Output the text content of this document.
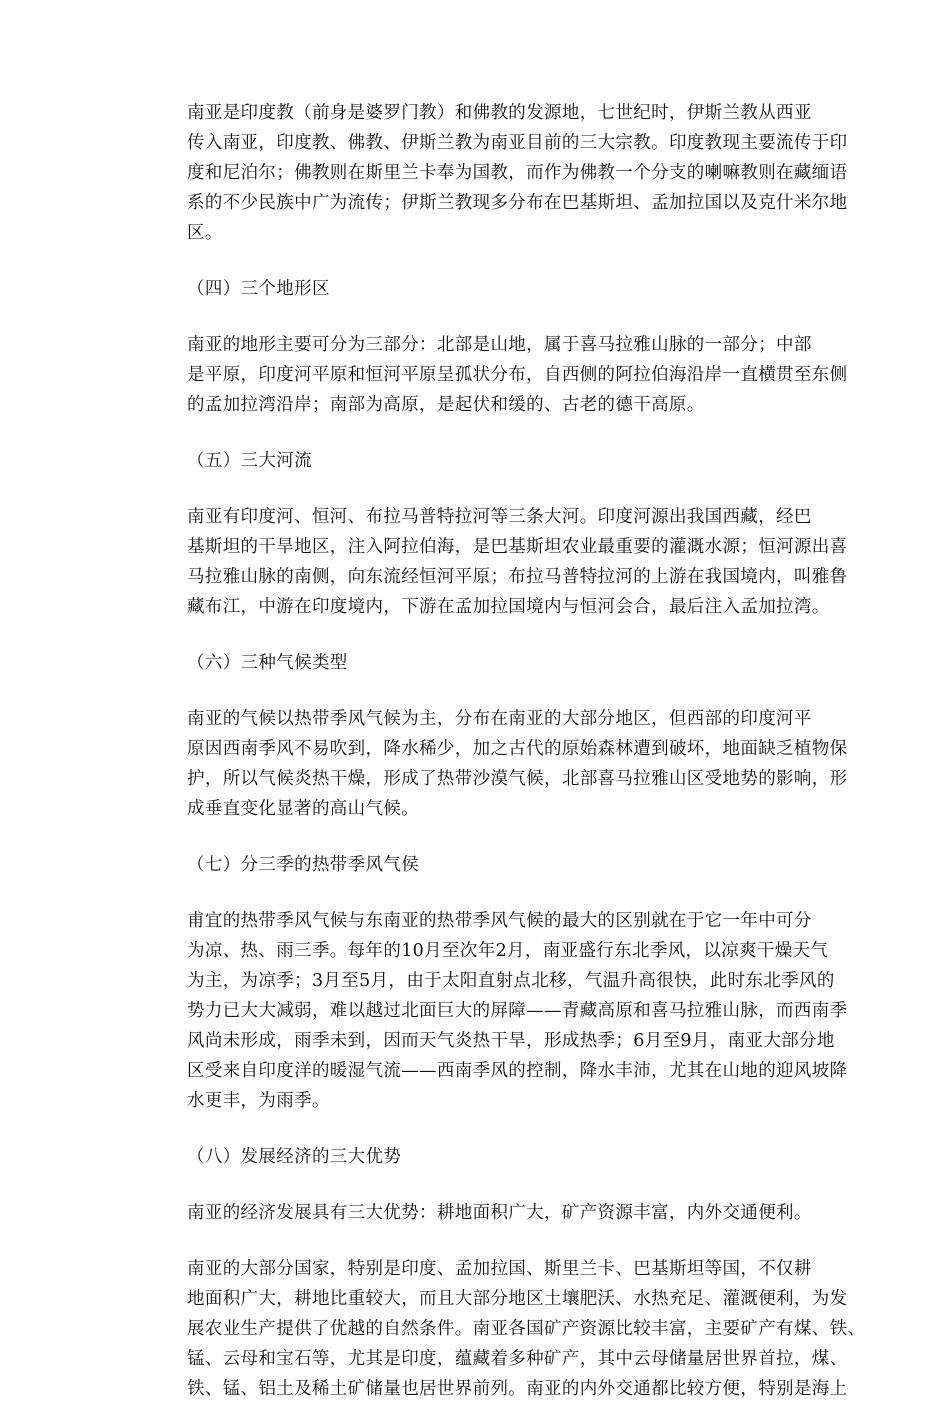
南亚是印度教（前身是婆罗门教）和佛教的发源地，七世纪时，伊斯兰教从西亚
传入南亚，印度教、佛教、伊斯兰教为南亚目前的三大宗教。印度教现主要流传于印
度和尼泊尔；佛教则在斯里兰卡奉为国教，而作为佛教一个分支的喇嘛教则在藏缅语
系的不少民族中广为流传；伊斯兰教现多分布在巴基斯坦、孟加拉国以及克什米尔地
区。

（四）三个地形区

南亚的地形主要可分为三部分：北部是山地，属于喜马拉雅山脉的一部分；中部
是平原，印度河平原和恒河平原呈孤状分布，自西侧的阿拉伯海沿岸一直横贯至东侧
的孟加拉湾沿岸；南部为高原，是起伏和缓的、古老的德干高原。

（五）三大河流

南亚有印度河、恒河、布拉马普特拉河等三条大河。印度河源出我国西藏，经巴
基斯坦的干旱地区，注入阿拉伯海，是巴基斯坦农业最重要的灌溉水源；恒河源出喜
马拉雅山脉的南侧，向东流经恒河平原；布拉马普特拉河的上游在我国境内，叫雅鲁
藏布江，中游在印度境内，下游在孟加拉国境内与恒河会合，最后注入孟加拉湾。

（六）三种气候类型

南亚的气候以热带季风气候为主，分布在南亚的大部分地区，但西部的印度河平
原因西南季风不易吹到，降水稀少，加之古代的原始森林遭到破坏，地面缺乏植物保
护，所以气候炎热干燥，形成了热带沙漠气候，北部喜马拉雅山区受地势的影响，形
成垂直变化显著的高山气候。

（七）分三季的热带季风气侯

甫宜的热带季风气候与东南亚的热带季风气候的最大的区别就在于它一年中可分
为凉、热、雨三季。每年的10月至次年2月，南亚盛行东北季风，以凉爽干燥天气
为主，为凉季；3月至5月，由于太阳直射点北移，气温升高很快，此时东北季风的
势力已大大减弱，难以越过北面巨大的屏障——青藏高原和喜马拉雅山脉，而西南季
风尚未形成，雨季未到，因而天气炎热干旱，形成热季；6月至9月，南亚大部分地
区受来自印度洋的暖湿气流——西南季风的控制，降水丰沛，尤其在山地的迎风坡降
水更丰，为雨季。

（八）发展经济的三大优势

南亚的经济发展具有三大优势：耕地面积广大，矿产资源丰富，内外交通便利。

南亚的大部分国家，特别是印度、孟加拉国、斯里兰卡、巴基斯坦等国，不仅耕
地面积广大，耕地比重较大，而且大部分地区土壤肥沃、水热充足、灌溉便利，为发
展农业生产提供了优越的自然条件。南亚各国矿产资源比较丰富，主要矿产有煤、铁、
锰、云母和宝石等，尤其是印度，蕴藏着多种矿产，其中云母储量居世界首拉，煤、
铁、锰、铝土及稀土矿储量也居世界前列。南亚的内外交通都比较方便，特别是海上
